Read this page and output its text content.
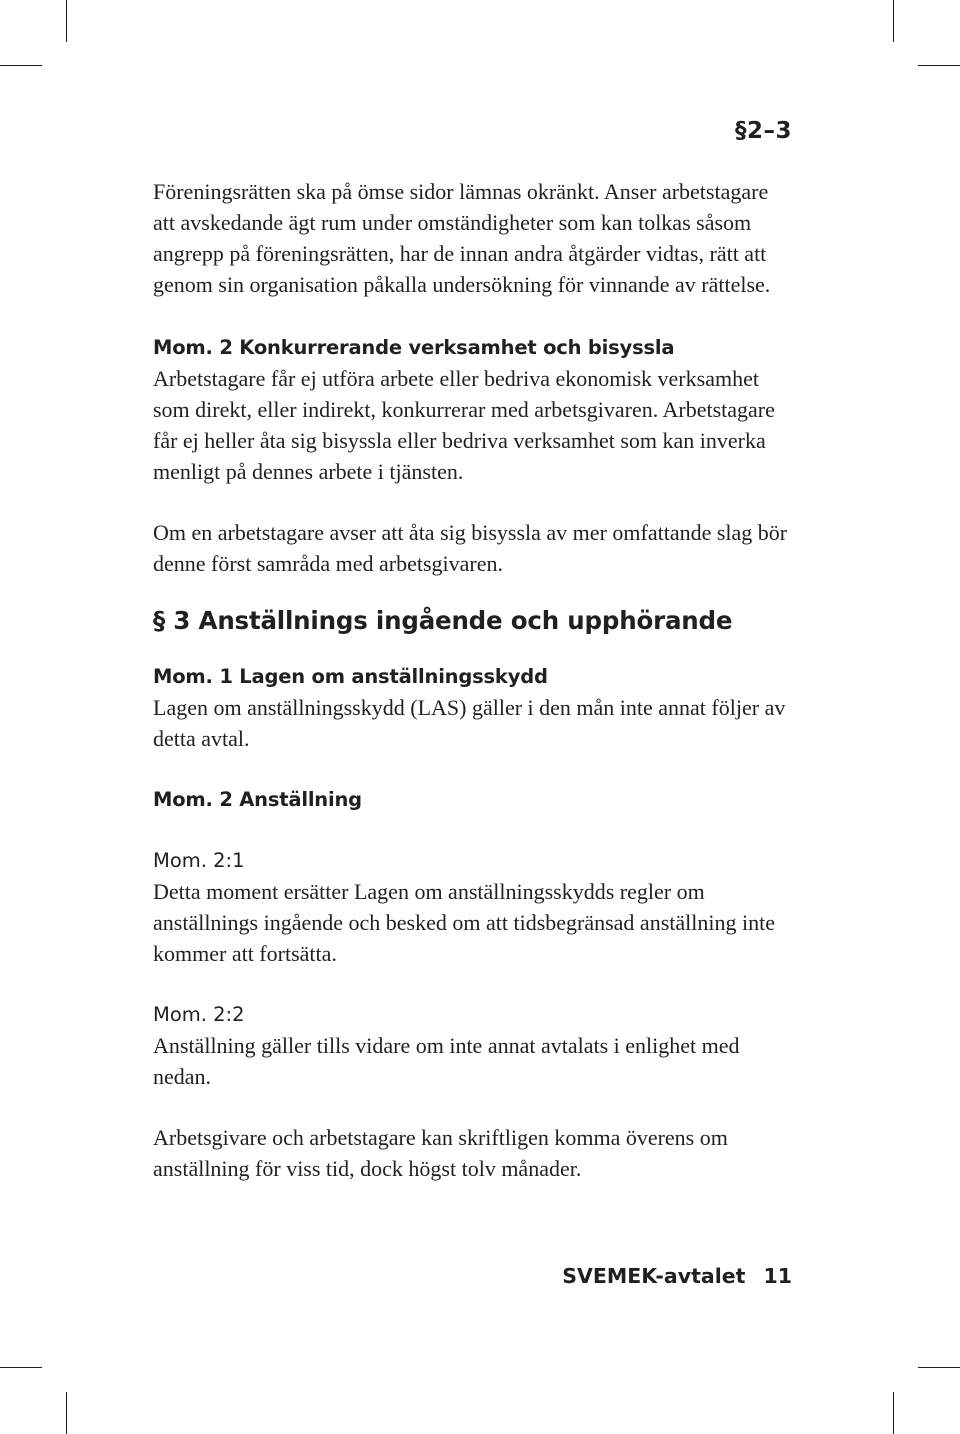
§2–3

Föreningsrätten ska på ömse sidor lämnas okränkt. Anser arbetstagare att avskedande ägt rum under omständigheter som kan tolkas såsom angrepp på föreningsrätten, har de innan andra åtgärder vidtas, rätt att genom sin organisation påkalla undersökning för vinnande av rättelse.

Mom. 2 Konkurrerande verksamhet och bisyssla

Arbetstagare får ej utföra arbete eller bedriva ekonomisk verksamhet som direkt, eller indirekt, konkurrerar med arbetsgivaren. Arbetstagare får ej heller åta sig bisyssla eller bedriva verksamhet som kan inverka menligt på dennes arbete i tjänsten.

Om en arbetstagare avser att åta sig bisyssla av mer omfattande slag bör denne först samråda med arbetsgivaren.

§ 3 Anställnings ingående och upphörande

Mom. 1 Lagen om anställningsskydd

Lagen om anställningsskydd (LAS) gäller i den mån inte annat följer av detta avtal.

Mom. 2 Anställning

Mom. 2:1

Detta moment ersätter Lagen om anställningsskydds regler om anställnings ingående och besked om att tidsbegränsad anställning inte kommer att fortsätta.

Mom. 2:2

Anställning gäller tills vidare om inte annat avtalats i enlighet med nedan.

Arbetsgivare och arbetstagare kan skriftligen komma överens om anställning för viss tid, dock högst tolv månader.

SVEMEK-avtalet 11
